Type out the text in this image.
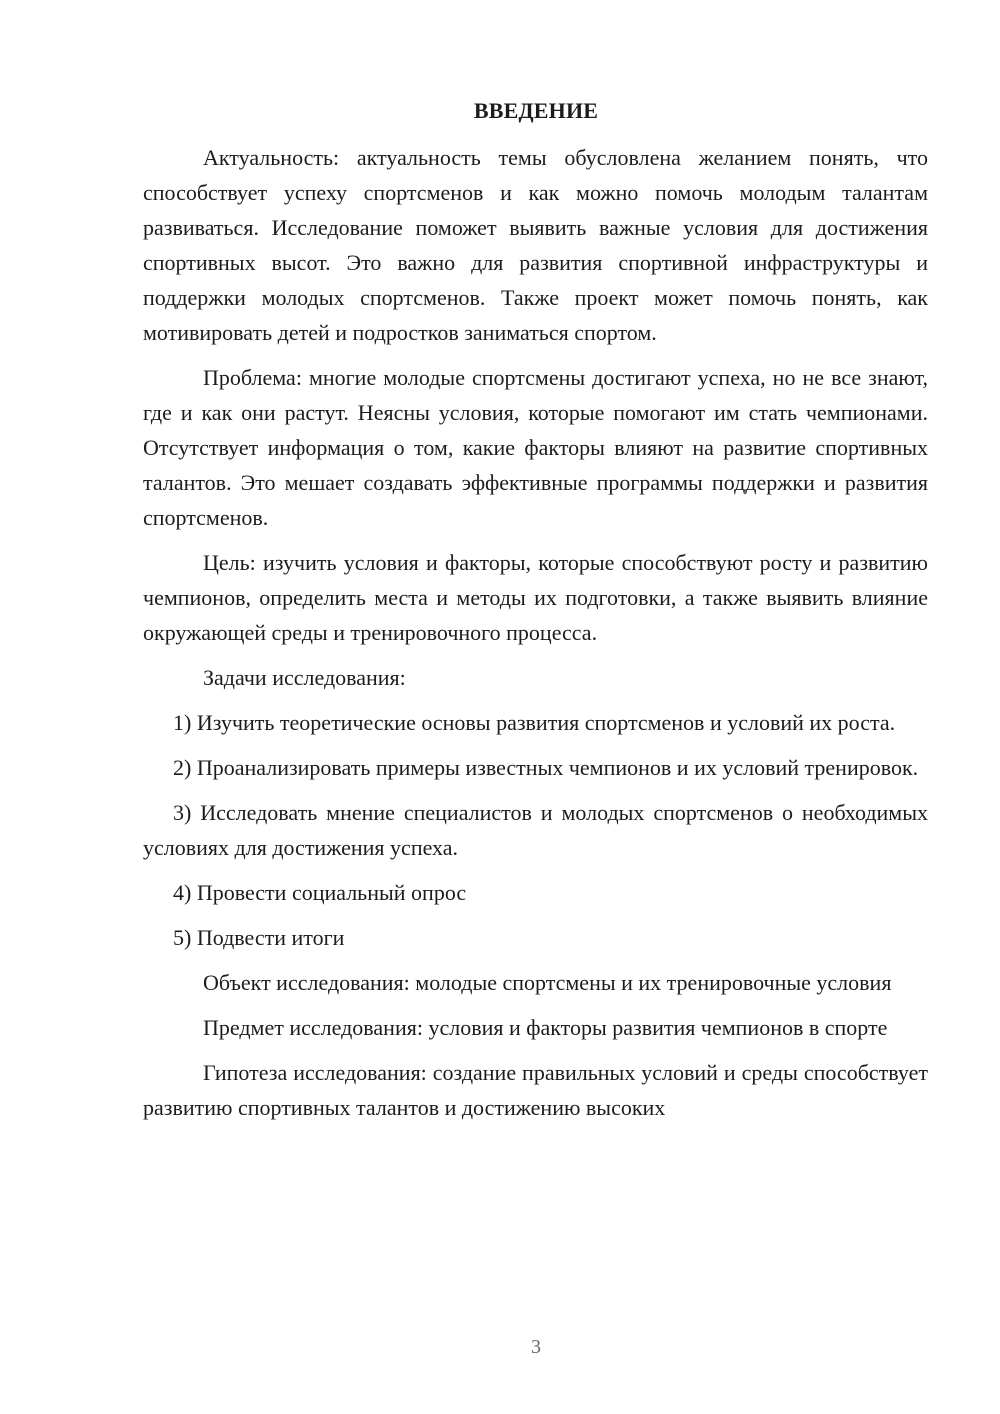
ВВЕДЕНИЕ

Актуальность: актуальность темы обусловлена желанием понять, что способствует успеху спортсменов и как можно помочь молодым талантам развиваться. Исследование поможет выявить важные условия для достижения спортивных высот. Это важно для развития спортивной инфраструктуры и поддержки молодых спортсменов. Также проект может помочь понять, как мотивировать детей и подростков заниматься спортом.

Проблема: многие молодые спортсмены достигают успеха, но не все знают, где и как они растут. Неясны условия, которые помогают им стать чемпионами. Отсутствует информация о том, какие факторы влияют на развитие спортивных талантов. Это мешает создавать эффективные программы поддержки и развития спортсменов.

Цель: изучить условия и факторы, которые способствуют росту и развитию чемпионов, определить места и методы их подготовки, а также выявить влияние окружающей среды и тренировочного процесса.

Задачи исследования:

1) Изучить теоретические основы развития спортсменов и условий их роста.

2) Проанализировать примеры известных чемпионов и их условий тренировок.

3) Исследовать мнение специалистов и молодых спортсменов о необходимых условиях для достижения успеха.

4) Провести социальный опрос

5) Подвести итоги

Объект исследования: молодые спортсмены и их тренировочные условия

Предмет исследования: условия и факторы развития чемпионов в спорте

Гипотеза исследования: создание правильных условий и среды способствует развитию спортивных талантов и достижению высоких

3
